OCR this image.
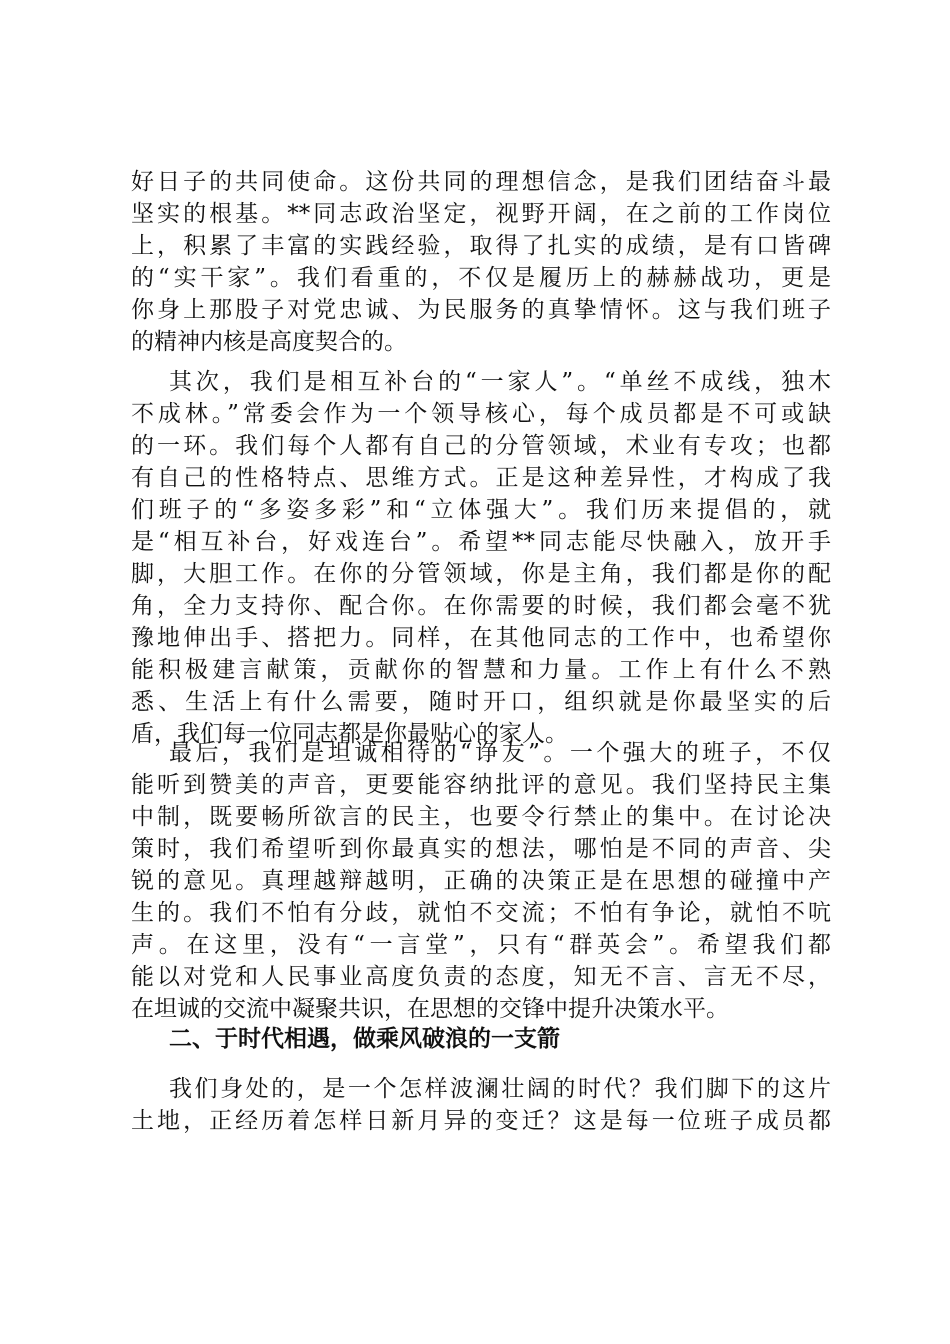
好日子的共同使命。这份共同的理想信念，是我们团结奋斗最
坚实的根基。**同志政治坚定，视野开阔，在之前的工作岗位
上，积累了丰富的实践经验，取得了扎实的成绩，是有口皆碑
的“实干家”。我们看重的，不仅是履历上的赫赫战功，更是
你身上那股子对党忠诚、为民服务的真挚情怀。这与我们班子
的精神内核是高度契合的。
其次，我们是相互补台的“一家人”。“单丝不成线，独木
不成林。”常委会作为一个领导核心，每个成员都是不可或缺
的一环。我们每个人都有自己的分管领域，术业有专攻；也都
有自己的性格特点、思维方式。正是这种差异性，才构成了我
们班子的“多姿多彩”和“立体强大”。我们历来提倡的，就
是“相互补台，好戏连台”。希望**同志能尽快融入，放开手
脚，大胆工作。在你的分管领域，你是主角，我们都是你的配
角，全力支持你、配合你。在你需要的时候，我们都会毫不犹
豫地伸出手、搭把力。同样，在其他同志的工作中，也希望你
能积极建言献策，贡献你的智慧和力量。工作上有什么不熟
悉、生活上有什么需要，随时开口，组织就是你最坚实的后
盾，我们每一位同志都是你最贴心的家人。
最后，我们是坦诚相待的“诤友”。一个强大的班子，不仅
能听到赞美的声音，更要能容纳批评的意见。我们坚持民主集
中制，既要畅所欲言的民主，也要令行禁止的集中。在讨论决
策时，我们希望听到你最真实的想法，哪怕是不同的声音、尖
锐的意见。真理越辩越明，正确的决策正是在思想的碰撞中产
生的。我们不怕有分歧，就怕不交流；不怕有争论，就怕不吭
声。在这里，没有“一言堂”，只有“群英会”。希望我们都
能以对党和人民事业高度负责的态度，知无不言、言无不尽，
在坦诚的交流中凝聚共识，在思想的交锋中提升决策水平。
二、于时代相遇，做乘风破浪的一支箭
我们身处的，是一个怎样波澜壮阔的时代？我们脚下的这片
土地，正经历着怎样日新月异的变迁？这是每一位班子成员都
